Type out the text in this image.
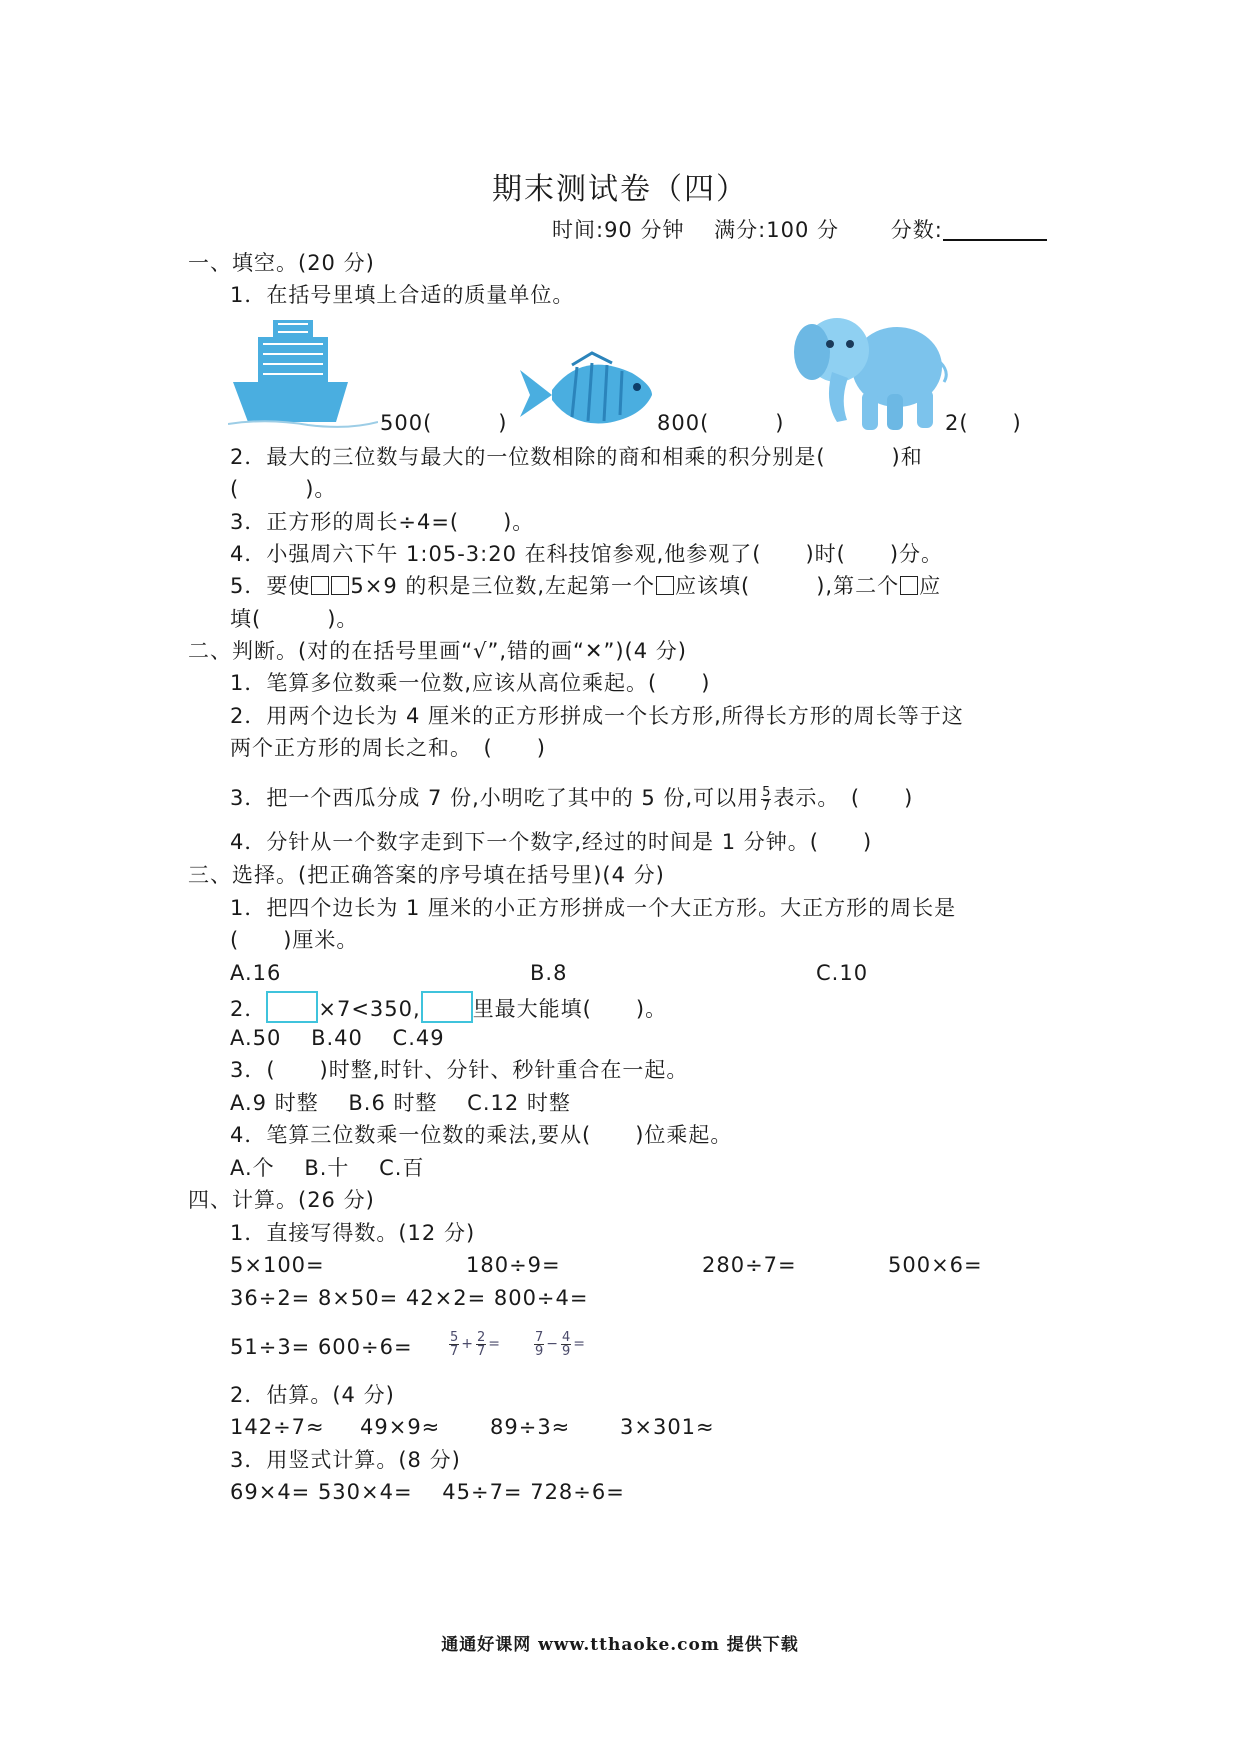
期末测试卷（四）
时间:90 分钟　 满分:100 分　　 分数:
一、填空。(20 分)
1．在括号里填上合适的质量单位。
500(　　　)	800(　　　)	2(　　)
2．最大的三位数与最大的一位数相除的商和相乘的积分别是(　　　)和
(　　　)。
3．正方形的周长÷4=(　　)。
4．小强周六下午 1:05-3:20 在科技馆参观,他参观了(　　)时(　　)分。
5．要使 5×9 的积是三位数,左起第一个 应该填(　　　),第二个 应
填(　　　)。
二、判断。(对的在括号里画“√”,错的画“✕”)(4 分)
1．笔算多位数乘一位数,应该从高位乘起。(　　)
2．用两个边长为 4 厘米的正方形拼成一个长方形,所得长方形的周长等于这
两个正方形的周长之和。　(　　)
3．把一个西瓜分成 7 份,小明吃了其中的 5 份,可以用 $\frac{5}{7}$ 表示。　(　　)
4．分针从一个数字走到下一个数字,经过的时间是 1 分钟。(　　)
三、选择。(把正确答案的序号填在括号里)(4 分)
1．把四个边长为 1 厘米的小正方形拼成一个大正方形。大正方形的周长是
(　　)厘米。
A.16	B.8	C.10
2． ×7<350, 里最大能填(　　)。
A.50　 B.40　 C.49
3．(　　)时整,时针、分针、秒针重合在一起。
A.9 时整　 B.6 时整　 C.12 时整
4．笔算三位数乘一位数的乘法,要从(　　)位乘起。
A.个　 B.十　 C.百
四、计算。(26 分)
1．直接写得数。(12 分)
5×100=	180÷9=	280÷7=	500×6=
36÷2= 8×50= 42×2= 800÷4=
51÷3= 600÷6=	$\frac{5}{7} + \frac{2}{7}$ =	$\frac{7}{9} - \frac{4}{9}$ =
2．估算。(4 分)
142÷7≈ 49×9≈ 89÷3≈ 3×301≈
3．用竖式计算。(8 分)
69×4= 530×4=　 45÷7= 728÷6=
通通好课网 www.tthaoke.com 提供下载
